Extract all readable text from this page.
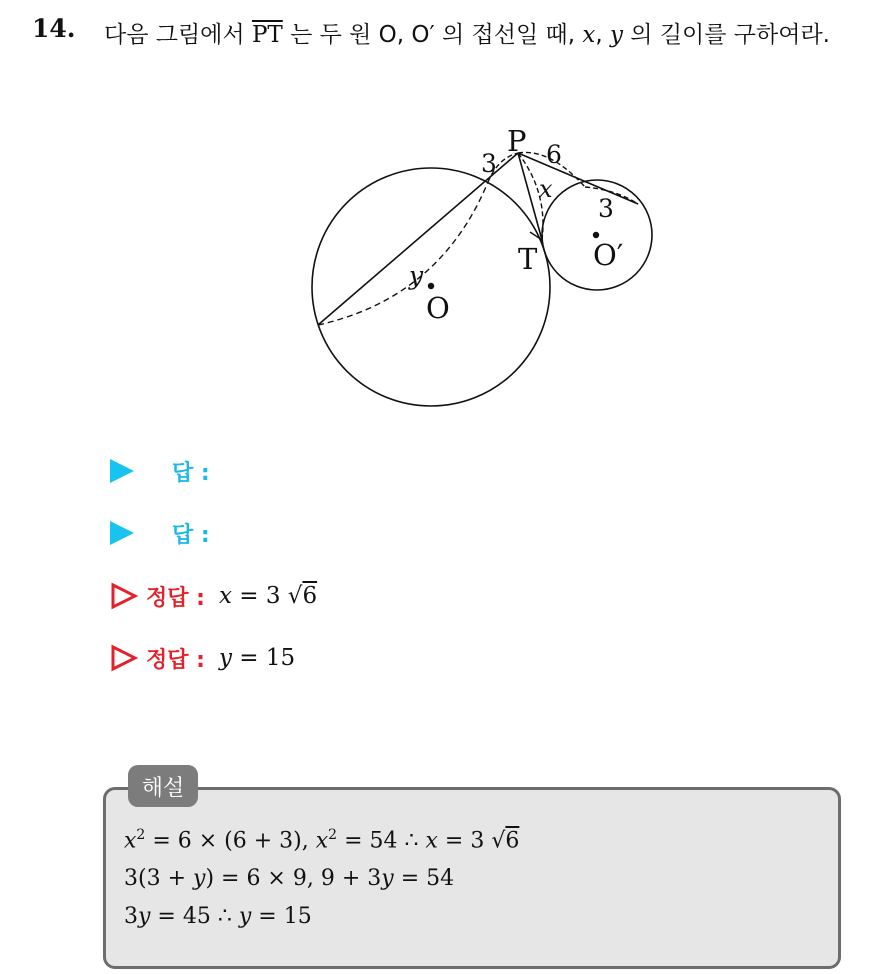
14. 다음 그림에서 $\overline{PT}$ 는 두 원 O, O′ 의 접선일 때, x, y 의 길이를 구하여라.
P
T
O
O′
3 6
x
3
y
답 :
답 :
정답 : x = 3 √6
정답 : y = 15
해설
$x^2 = 6 \times (6 + 3)$, $x^2 = 54$ ∴ x = 3 √6
3(3 + y) = 6 × 9, 9 + 3y = 54
3y = 45 ∴ y = 15
